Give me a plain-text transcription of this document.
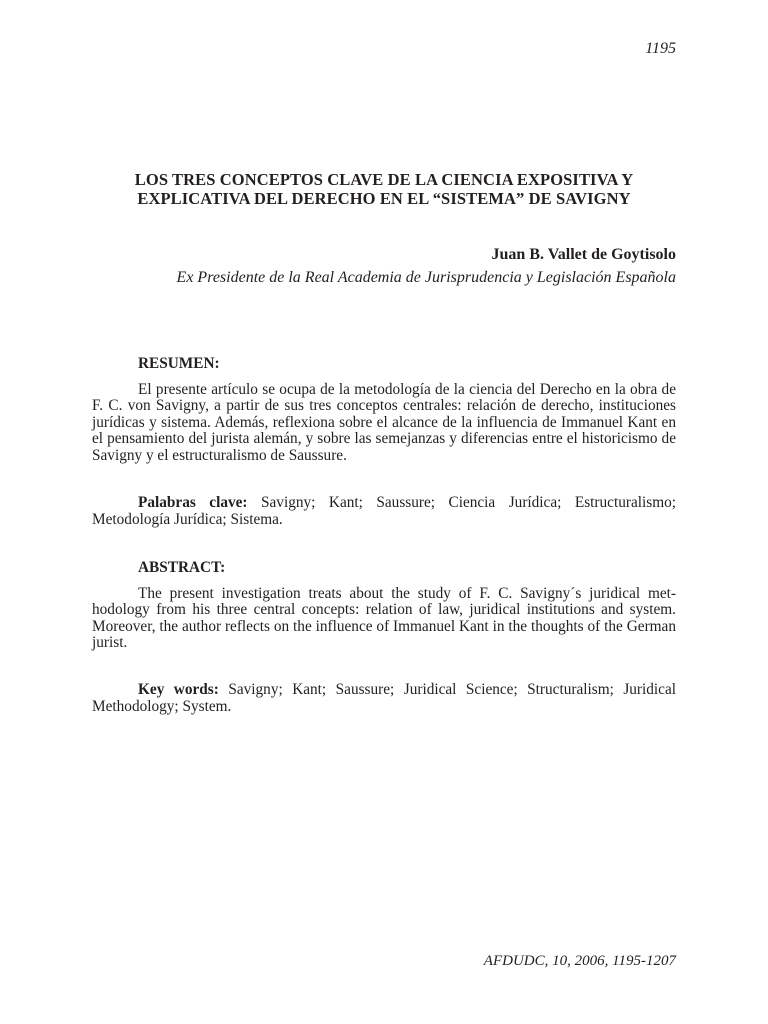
1195
LOS TRES CONCEPTOS CLAVE DE LA CIENCIA EXPOSITIVA Y
EXPLICATIVA DEL DERECHO EN EL “SISTEMA” DE SAVIGNY
Juan B. Vallet de Goytisolo
Ex Presidente de la Real Academia de Jurisprudencia y Legislación Española
RESUMEN:

El presente artículo se ocupa de la metodología de la ciencia del Derecho en la obra de F. C. von Savigny, a partir de sus tres conceptos centrales: relación de derecho, instituciones jurídicas y sistema. Además, reflexiona sobre el alcance de la influencia de Immanuel Kant en el pensamiento del jurista alemán, y sobre las semejanzas y diferencias entre el historicismo de Savigny y el estructuralismo de Saussure.

Palabras clave: Savigny; Kant; Saussure; Ciencia Jurídica; Estructuralismo; Metodología Jurídica; Sistema.

ABSTRACT:

The present investigation treats about the study of F. C. Savigny´s juridical methodology from his three central concepts: relation of law, juridical institutions and system. Moreover, the author reflects on the influence of Immanuel Kant in the thoughts of the German jurist.

Key words: Savigny; Kant; Saussure; Juridical Science; Structuralism; Juridical Methodology; System.

AFDUDC, 10, 2006, 1195-1207
